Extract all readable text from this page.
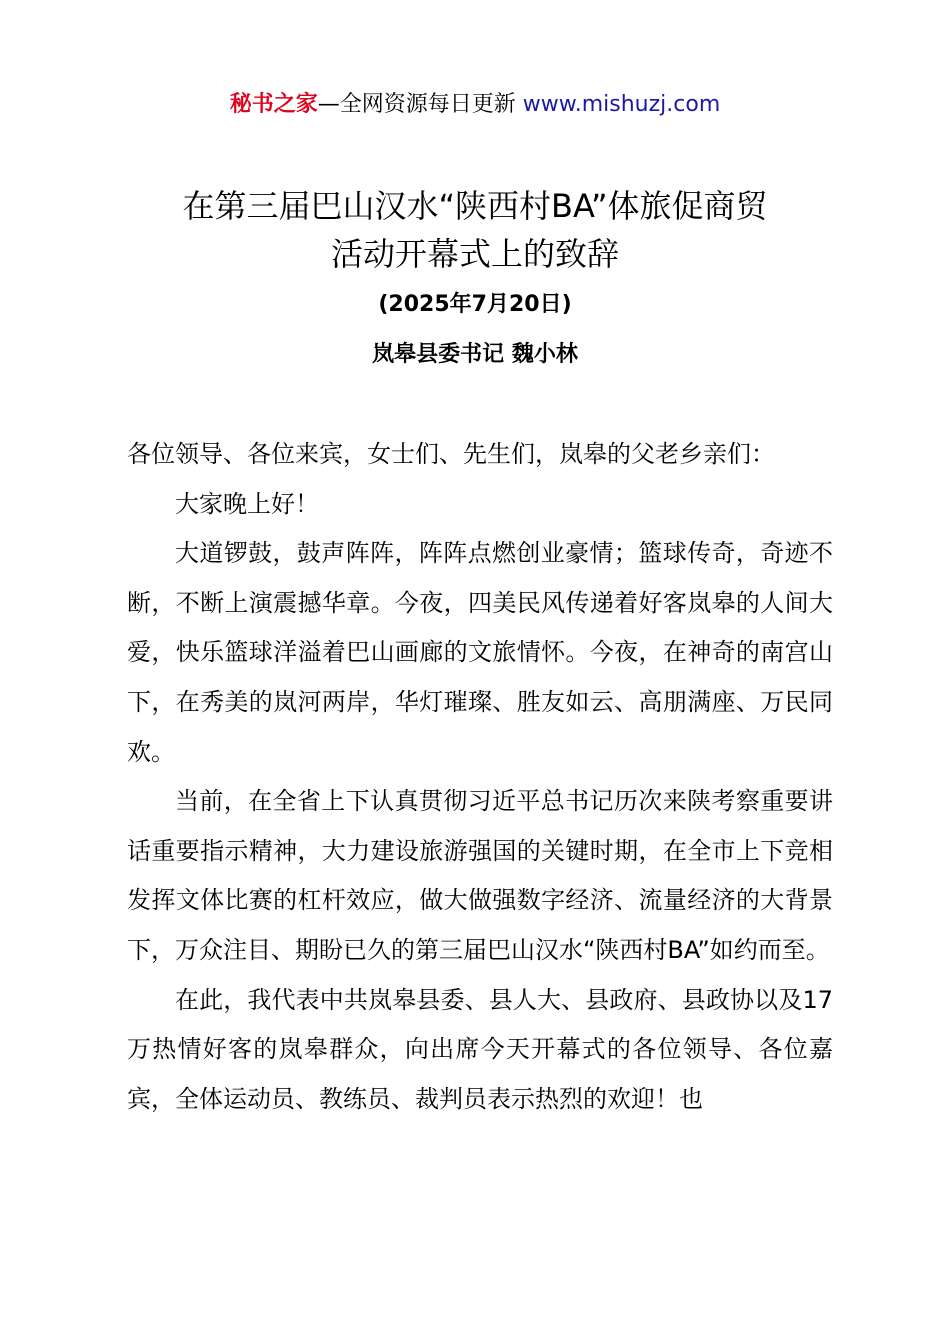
秘书之家—全网资源每日更新 www.mishuzj.com
在第三届巴山汉水“陕西村BA”体旅促商贸
活动开幕式上的致辞
(2025年7月20日)
岚皋县委书记 魏小林

各位领导、各位来宾，女士们、先生们，岚皋的父老乡亲们：

大家晚上好！

大道锣鼓，鼓声阵阵，阵阵点燃创业豪情；篮球传奇，奇迹不断，不断上演震撼华章。今夜，四美民风传递着好客岚皋的人间大爱，快乐篮球洋溢着巴山画廊的文旅情怀。今夜，在神奇的南宫山下，在秀美的岚河两岸，华灯璀璨、胜友如云、高朋满座、万民同欢。

当前，在全省上下认真贯彻习近平总书记历次来陕考察重要讲话重要指示精神，大力建设旅游强国的关键时期，在全市上下竞相发挥文体比赛的杠杆效应，做大做强数字经济、流量经济的大背景下，万众注目、期盼已久的第三届巴山汉水“陕西村BA”如约而至。

在此，我代表中共岚皋县委、县人大、县政府、县政协以及17万热情好客的岚皋群众，向出席今天开幕式的各位领导、各位嘉宾，全体运动员、教练员、裁判员表示热烈的欢迎！也
